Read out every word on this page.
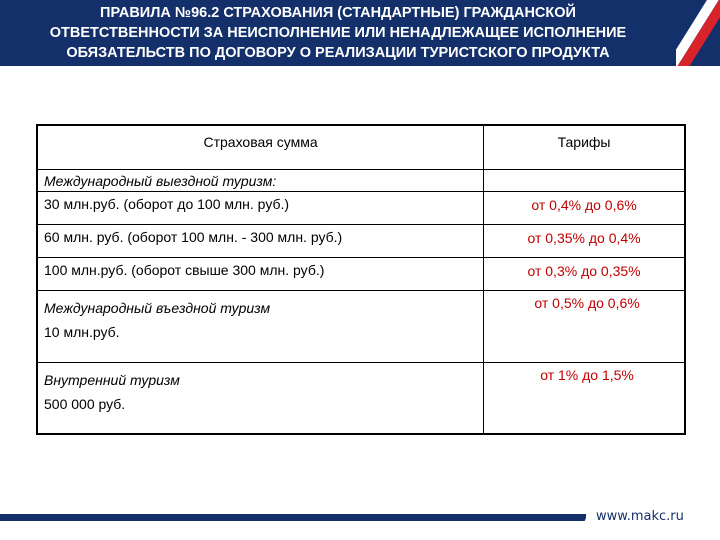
ПРАВИЛА №96.2 СТРАХОВАНИЯ (СТАНДАРТНЫЕ) ГРАЖДАНСКОЙ
ОТВЕТСТВЕННОСТИ ЗА НЕИСПОЛНЕНИЕ ИЛИ НЕНАДЛЕЖАЩЕЕ ИСПОЛНЕНИЕ
ОБЯЗАТЕЛЬСТВ ПО ДОГОВОРУ О РЕАЛИЗАЦИИ ТУРИСТСКОГО ПРОДУКТА
Страховая сумма	Тарифы
Международный выездной туризм:	
30 млн.руб. (оборот до 100 млн. руб.)	от 0,4% до 0,6%
60 млн. руб. (оборот 100 млн. - 300 млн. руб.)	от 0,35% до 0,4%
100 млн.руб. (оборот свыше 300 млн. руб.)	от 0,3% до 0,35%

Международный въездной туризм
10 млн.руб.	от 0,5% до 0,6%

Внутренний туризм
500 000 руб.	от 1% до 1,5%
www.makc.ru
